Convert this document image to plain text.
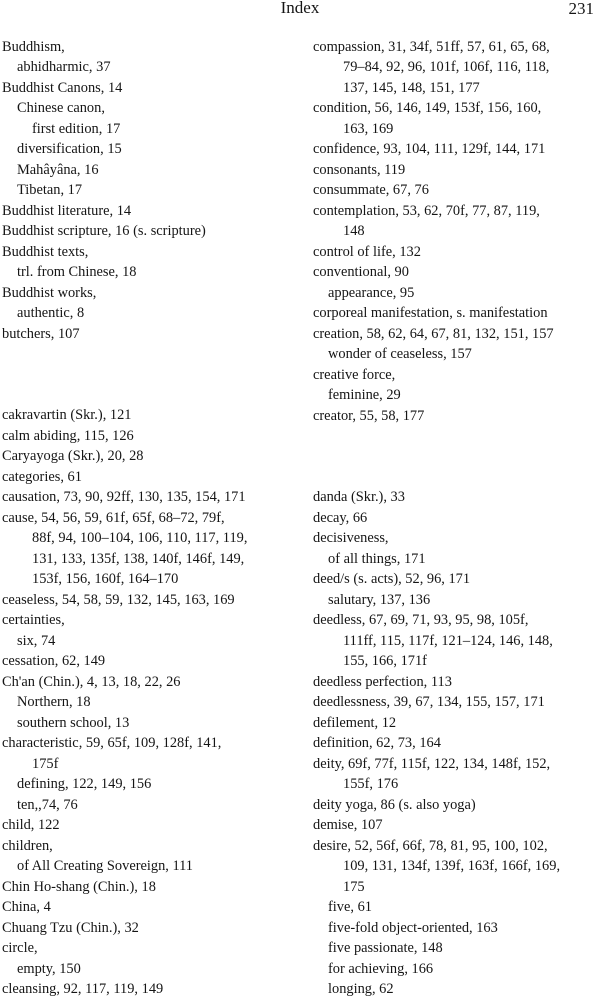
Index	231
Buddhism,
abhidharmic, 37
Buddhist Canons, 14
Chinese canon,
first edition, 17
diversification, 15
Mahâyâna, 16
Tibetan, 17
Buddhist literature, 14
Buddhist scripture, 16 (s. scripture)
Buddhist texts,
trl. from Chinese, 18
Buddhist works,
authentic, 8
butchers, 107
cakravartin (Skr.), 121
calm abiding, 115, 126
Caryayoga (Skr.), 20, 28
categories, 61
causation, 73, 90, 92ff, 130, 135, 154, 171
cause, 54, 56, 59, 61f, 65f, 68–72, 79f,
88f, 94, 100–104, 106, 110, 117, 119,
131, 133, 135f, 138, 140f, 146f, 149,
153f, 156, 160f, 164–170
ceaseless, 54, 58, 59, 132, 145, 163, 169
certainties,
six, 74
cessation, 62, 149
Ch'an (Chin.), 4, 13, 18, 22, 26
Northern, 18
southern school, 13
characteristic, 59, 65f, 109, 128f, 141,
175f
defining, 122, 149, 156
ten,,74, 76
child, 122
children,
of All Creating Sovereign, 111
Chin Ho-shang (Chin.), 18
China, 4
Chuang Tzu (Chin.), 32
circle,
empty, 150
cleansing, 92, 117, 119, 149
compassion, 31, 34f, 51ff, 57, 61, 65, 68,
79–84, 92, 96, 101f, 106f, 116, 118,
137, 145, 148, 151, 177
condition, 56, 146, 149, 153f, 156, 160,
163, 169
confidence, 93, 104, 111, 129f, 144, 171
consonants, 119
consummate, 67, 76
contemplation, 53, 62, 70f, 77, 87, 119,
148
control of life, 132
conventional, 90
appearance, 95
corporeal manifestation, s. manifestation
creation, 58, 62, 64, 67, 81, 132, 151, 157
wonder of ceaseless, 157
creative force,
feminine, 29
creator, 55, 58, 177
danda (Skr.), 33
decay, 66
decisiveness,
of all things, 171
deed/s (s. acts), 52, 96, 171
salutary, 137, 136
deedless, 67, 69, 71, 93, 95, 98, 105f,
111ff, 115, 117f, 121–124, 146, 148,
155, 166, 171f
deedless perfection, 113
deedlessness, 39, 67, 134, 155, 157, 171
defilement, 12
definition, 62, 73, 164
deity, 69f, 77f, 115f, 122, 134, 148f, 152,
155f, 176
deity yoga, 86 (s. also yoga)
demise, 107
desire, 52, 56f, 66f, 78, 81, 95, 100, 102,
109, 131, 134f, 139f, 163f, 166f, 169,
175
five, 61
five-fold object-oriented, 163
five passionate, 148
for achieving, 166
longing, 62
